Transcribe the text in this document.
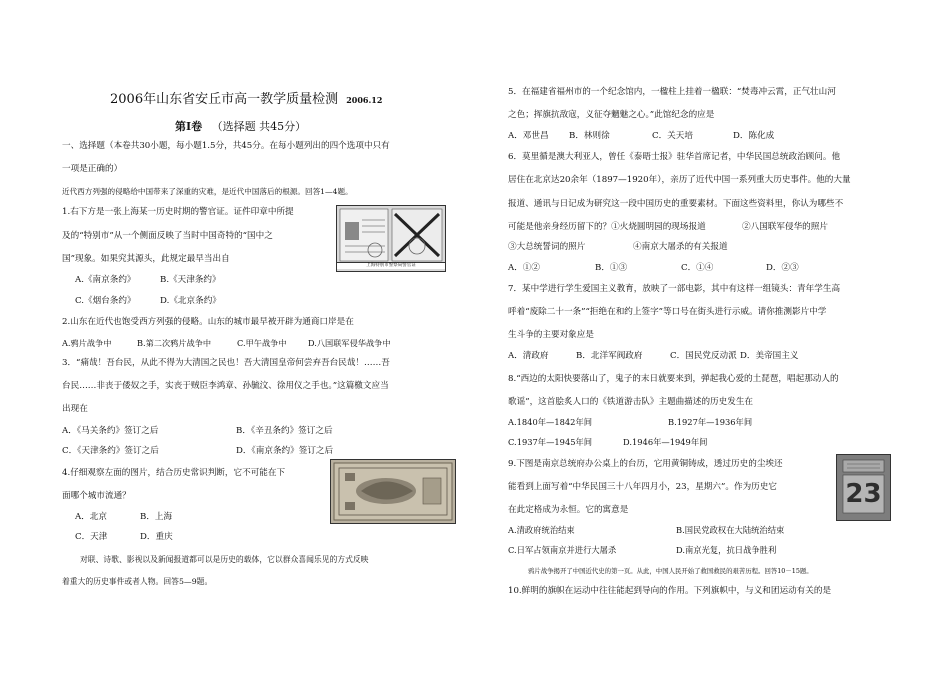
2006年山东省安丘市高一教学质量检测 2006.12
第Ⅰ卷 （选择题 共45分）
一、选择题（本卷共30小题，每小题1.5分，共45分。在每小题列出的四个选项中只有
一项是正确的）
近代西方列强的侵略给中国带来了深重的灾难，是近代中国落后的根源。回答1—4题。
1.右下方是一张上海某一历史时期的警官证。证件印章中所提
及的“特别市”从一个侧面反映了当时中国奇特的“国中之
国”现象。如果究其源头，此规定最早当出自
A.《南京条约》	B.《天津条约》
C.《烟台条约》	D.《北京条约》
上海特别市警察局警官证
2.山东在近代也饱受西方列强的侵略。山东的城市最早被开辟为通商口岸是在
A.鸦片战争中	B.第二次鸦片战争中	C.甲午战争中	D.八国联军侵华战争中
3．“痛哉！吾台民，从此不得为大清国之民也！吾大清国皇帝何尝弃吾台民哉！……吾
台民……非丧于倭奴之手，实丧于贼臣李鸿章、孙毓汶、徐用仪之手也。”这篇檄文应当
出现在
A．《马关条约》签订之后	B．《辛丑条约》签订之后
C．《天津条约》签订之后	D．《南京条约》签订之后
4.仔细观察左面的图片，结合历史常识判断，它不可能在下
面哪个城市流通？
A．北京	B．上海
C．天津	D．重庆
对联、诗歌、影视以及新闻报道都可以是历史的载体，它以群众喜闻乐见的方式反映
着重大的历史事件或者人物。回答5—9题。
5．在福建省福州市的一个纪念馆内，一楹柱上挂着一楹联：“焚毒冲云霄，正气壮山河
之色；挥旗抗敌寇，义征夺魑魅之心。”此馆纪念的应是
A．邓世昌 B．林则徐	C．关天培	D．陈化成
6．莫里循是澳大利亚人，曾任《泰晤士报》驻华首席记者，中华民国总统政治顾问。他
居住在北京达20余年（1897—1920年），亲历了近代中国一系列重大历史事件。他的大量
报道、通讯与日记成为研究这一段中国历史的重要素材。下面这些资料里，你认为哪些不
可能是他亲身经历留下的？①火烧圆明园的现场报道	②八国联军侵华的照片
③大总统誓词的照片	④南京大屠杀的有关报道
A．①②	B．①③	C．①④	D．②③
7．某中学进行学生爱国主义教育，放映了一部电影，其中有这样一组镜头：青年学生高
呼着“废除二十一条”“拒绝在和约上签字”等口号在街头进行示威。请你推测影片中学
生斗争的主要对象应是
A．清政府	B．北洋军阀政府	C．国民党反动派 D．美帝国主义
8.“西边的太阳快要落山了，鬼子的末日就要来到，弹起我心爱的土琵琶，唱起那动人的
歌谣”，这首脍炙人口的《铁道游击队》主题曲描述的历史发生在
A.1840年—1842年间	B.1927年—1936年间
C.1937年—1945年间	D.1946年—1949年间
9.下图是南京总统府办公桌上的台历，它用黄铜铸成，透过历史的尘埃还
能看到上面写着“中华民国三十八年四月小，23，星期六”。作为历史它
在此定格成为永恒。它的寓意是
A.清政府统治结束	B.国民党政权在大陆统治结束
C.日军占领南京并进行大屠杀	D.南京光复，抗日战争胜利
23
鸦片战争揭开了中国近代史的第一页。从此，中国人民开始了救国救民的艰苦历程。回答10－15题。
10.鲜明的旗帜在运动中往往能起到导向的作用。下列旗帜中，与义和团运动有关的是
